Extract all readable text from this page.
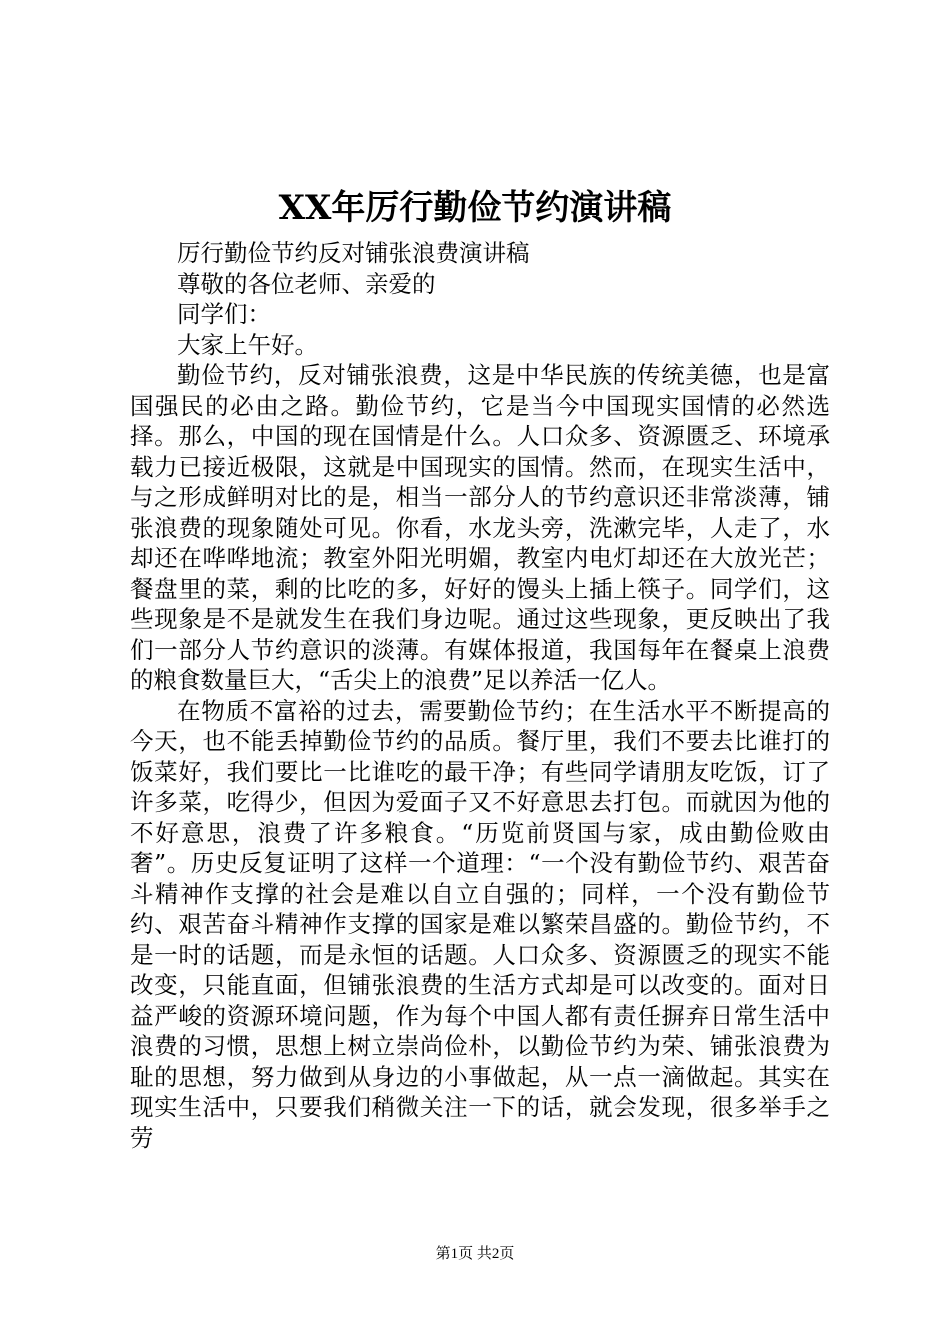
XX年厉行勤俭节约演讲稿

厉行勤俭节约反对铺张浪费演讲稿

尊敬的各位老师、亲爱的

同学们：

大家上午好。

勤俭节约，反对铺张浪费，这是中华民族的传统美德，也是富国强民的必由之路。勤俭节约，它是当今中国现实国情的必然选择。那么，中国的现在国情是什么。人口众多、资源匮乏、环境承载力已接近极限，这就是中国现实的国情。然而，在现实生活中，与之形成鲜明对比的是，相当一部分人的节约意识还非常淡薄，铺张浪费的现象随处可见。你看，水龙头旁，洗漱完毕，人走了，水却还在哗哗地流；教室外阳光明媚，教室内电灯却还在大放光芒；餐盘里的菜，剩的比吃的多，好好的馒头上插上筷子。同学们，这些现象是不是就发生在我们身边呢。通过这些现象，更反映出了我们一部分人节约意识的淡薄。有媒体报道，我国每年在餐桌上浪费的粮食数量巨大，“舌尖上的浪费”足以养活一亿人。

在物质不富裕的过去，需要勤俭节约；在生活水平不断提高的今天，也不能丢掉勤俭节约的品质。餐厅里，我们不要去比谁打的饭菜好，我们要比一比谁吃的最干净；有些同学请朋友吃饭，订了许多菜，吃得少，但因为爱面子又不好意思去打包。而就因为他的不好意思，浪费了许多粮食。“历览前贤国与家，成由勤俭败由奢”。历史反复证明了这样一个道理：“一个没有勤俭节约、艰苦奋斗精神作支撑的社会是难以自立自强的；同样，一个没有勤俭节约、艰苦奋斗精神作支撑的国家是难以繁荣昌盛的。勤俭节约，不是一时的话题，而是永恒的话题。人口众多、资源匮乏的现实不能改变，只能直面，但铺张浪费的生活方式却是可以改变的。面对日益严峻的资源环境问题，作为每个中国人都有责任摒弃日常生活中浪费的习惯，思想上树立崇尚俭朴，以勤俭节约为荣、铺张浪费为耻的思想，努力做到从身边的小事做起，从一点一滴做起。其实在现实生活中，只要我们稍微关注一下的话，就会发现，很多举手之劳

第1页 共2页
